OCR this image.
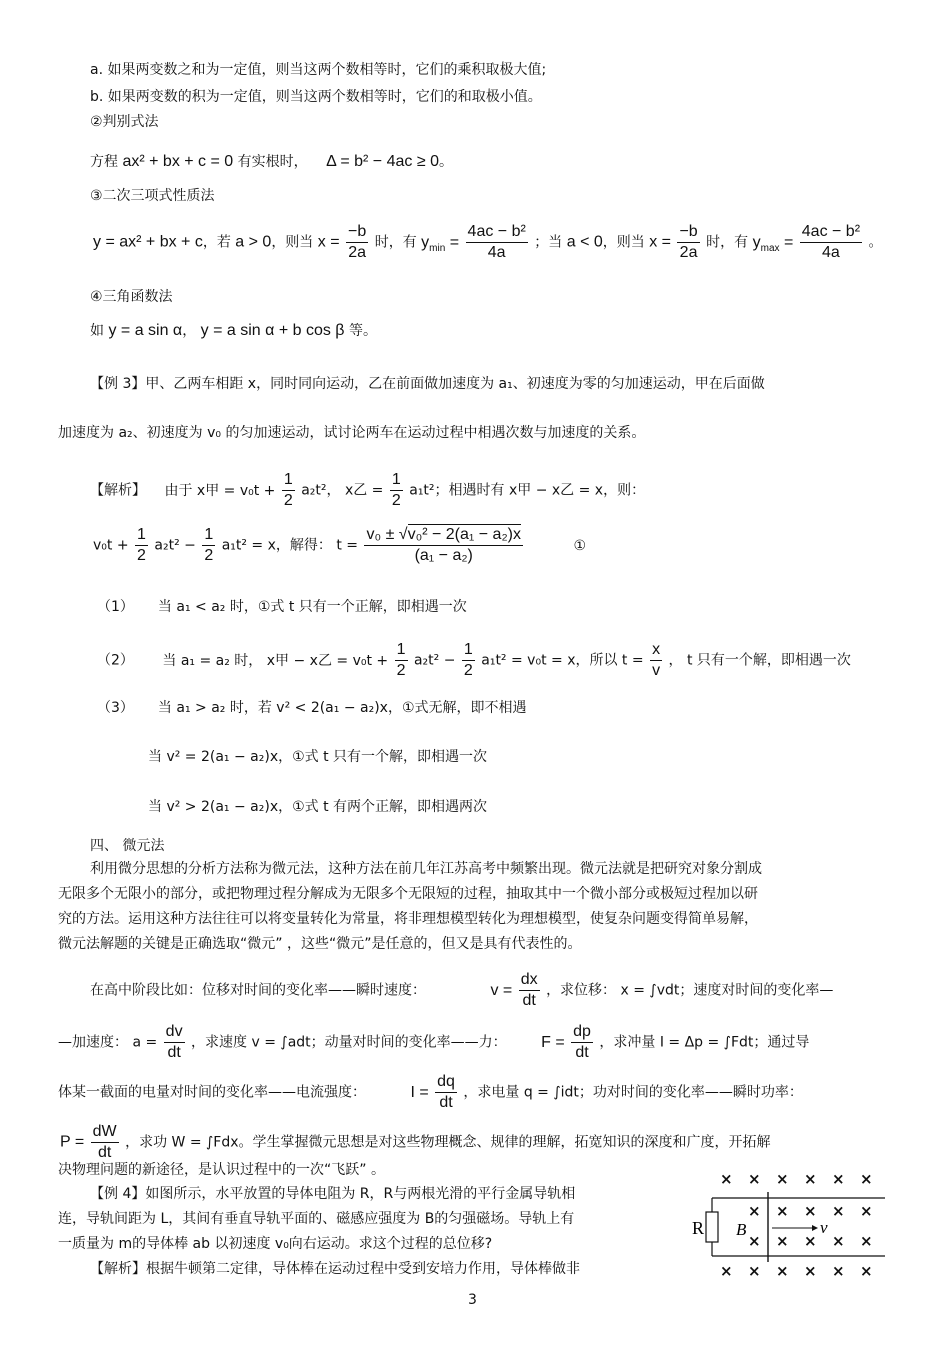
a. 如果两变数之和为一定值，则当这两个数相等时，它们的乘积取极大值;
b. 如果两变数的积为一定值，则当这两个数相等时，它们的和取极小值。
②判别式法
方程 ax² + bx + c = 0 有实根时， Δ = b² − 4ac ≥ 0。
③二次三项式性质法
y = ax² + bx + c，若 a > 0，则当 $x = \frac{-b}{2a}$ 时，有 $y_{min} = \frac{\text{4ac − b²}}{4a}$ ；当 a < 0，则当 $x = \frac{-b}{2a}$ 时，有 $y_{max} = \frac{\text{4ac − b²}}{4a}$ 。
④三角函数法
如 y = a sin α， y = a sin α + b cos β 等。
【例 3】甲、乙两车相距 x，同时同向运动，乙在前面做加速度为 a₁、初速度为零的匀加速运动，甲在后面做
加速度为 a₂、初速度为 v₀ 的匀加速运动，试讨论两车在运动过程中相遇次数与加速度的关系。
【解析】 由于 x甲 = $v_0t + \frac{1}{2} a_2t^2$， x乙 = $\frac{1}{2} a_1t^2$；相遇时有 x甲 − x乙 = x，则：
$v_0t + \frac{1}{2} a_2t^2 - \frac{1}{2} a_1t^2 = x$，解得： $t = \frac{\text{v₀ ± √v₀² − 2(a₁ − a₂)x}}{\text{(a₁ − a₂)}}$	①
（1） 当 a₁ < a₂ 时，①式 t 只有一个正解，即相遇一次
（2） 当 a₁ = a₂ 时， x甲 − x乙 = $v_0t + \frac{1}{2} a_2t^2 - \frac{1}{2} a_1t^2 = v_0t = x$，所以 $t = \frac{x}{v}$ ， t 只有一个解，即相遇一次
（3） 当 a₁ > a₂ 时，若 v² < 2(a₁ − a₂)x，①式无解，即不相遇
当 v² = 2(a₁ − a₂)x，①式 t 只有一个解，即相遇一次
当 v² > 2(a₁ − a₂)x，①式 t 有两个正解，即相遇两次
四、 微元法
利用微分思想的分析方法称为微元法，这种方法在前几年江苏高考中频繁出现。微元法就是把研究对象分割成
无限多个无限小的部分，或把物理过程分解成为无限多个无限短的过程，抽取其中一个微小部分或极短过程加以研
究的方法。运用这种方法往往可以将变量转化为常量，将非理想模型转化为理想模型，使复杂问题变得简单易解，
微元法解题的关键是正确选取“微元” ，这些“微元”是任意的，但又是具有代表性的。
在高中阶段比如：位移对时间的变化率——瞬时速度：	$v = \frac{dx}{dt}$ ，求位移： x = ∫vdt；速度对时间的变化率—
—加速度： $a = \frac{dv}{dt}$ ，求速度 v = ∫adt；动量对时间的变化率——力： $F = \frac{dp}{dt}$ ，求冲量 I = Δp = ∫Fdt；通过导
体某一截面的电量对时间的变化率——电流强度：	$I = \frac{dq}{dt}$ ，求电量 q = ∫idt；功对时间的变化率——瞬时功率：
$P = \frac{dW}{dt}$ ，求功 W = ∫Fdx。学生掌握微元思想是对这些物理概念、规律的理解，拓宽知识的深度和广度，开拓解
决物理问题的新途径，是认识过程中的一次“飞跃” 。
【例 4】如图所示，水平放置的导体电阻为 R，R与两根光滑的平行金属导轨相
连，导轨间距为 L，其间有垂直导轨平面的、磁感应强度为 B的匀强磁场。导轨上有
一质量为 m的导体棒 ab 以初速度 v₀向右运动。求这个过程的总位移?
【解析】根据牛顿第二定律，导体棒在运动过程中受到安培力作用，导体棒做非
× × × × × ×
× × × × ×
× × × × ×
× × × × × ×
R B	v
3
